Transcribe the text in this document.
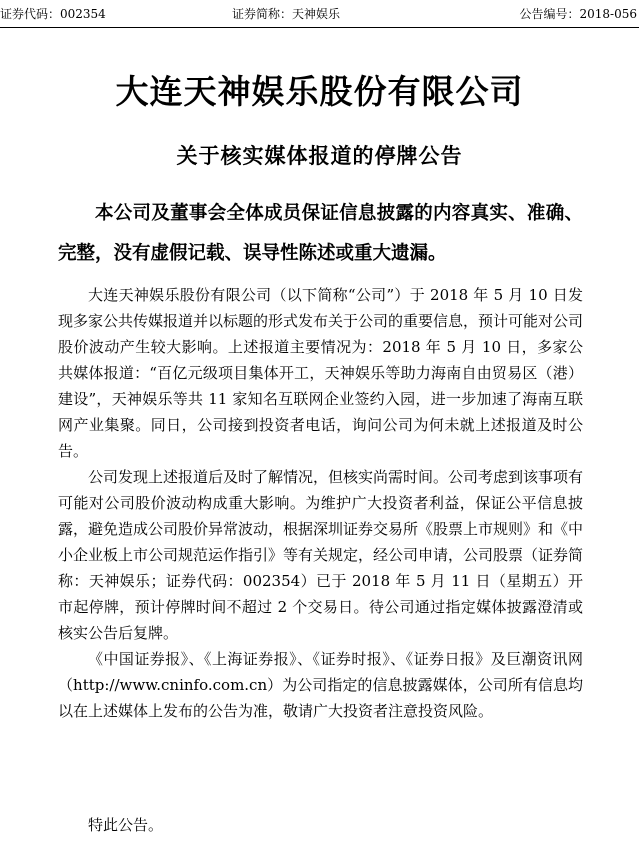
证券代码：002354	证券简称：天神娱乐	公告编号：2018-056
大连天神娱乐股份有限公司
关于核实媒体报道的停牌公告
本公司及董事会全体成员保证信息披露的内容真实、准确、完整，没有虚假记载、误导性陈述或重大遗漏。

大连天神娱乐股份有限公司（以下简称“公司”）于 2018 年 5 月 10 日发现多家公共传媒报道并以标题的形式发布关于公司的重要信息，预计可能对公司股价波动产生较大影响。上述报道主要情况为：2018 年 5 月 10 日，多家公共媒体报道：“百亿元级项目集体开工，天神娱乐等助力海南自由贸易区（港）建设”，天神娱乐等共 11 家知名互联网企业签约入园，进一步加速了海南互联网产业集聚。同日，公司接到投资者电话，询问公司为何未就上述报道及时公告。

公司发现上述报道后及时了解情况，但核实尚需时间。公司考虑到该事项有可能对公司股价波动构成重大影响。为维护广大投资者利益，保证公平信息披露，避免造成公司股价异常波动，根据深圳证券交易所《股票上市规则》和《中小企业板上市公司规范运作指引》等有关规定，经公司申请，公司股票（证券简称：天神娱乐；证券代码：002354）已于 2018 年 5 月 11 日（星期五）开市起停牌，预计停牌时间不超过 2 个交易日。待公司通过指定媒体披露澄清或核实公告后复牌。

《中国证券报》、《上海证券报》、《证券时报》、《证券日报》及巨潮资讯网（http://www.cninfo.com.cn）为公司指定的信息披露媒体，公司所有信息均以在上述媒体上发布的公告为准，敬请广大投资者注意投资风险。

特此公告。
